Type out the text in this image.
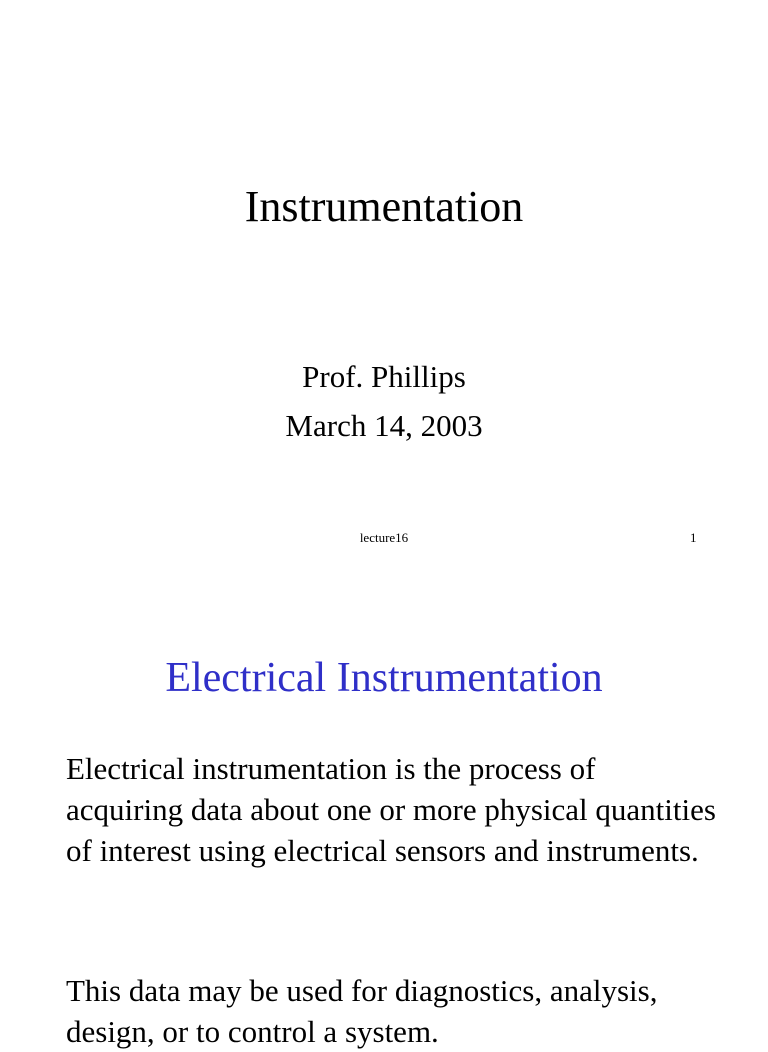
Instrumentation
Prof. Phillips
March 14, 2003
lecture16	1
Electrical Instrumentation
Electrical instrumentation is the process of acquiring data about one or more physical quantities of interest using electrical sensors and instruments.
This data may be used for diagnostics, analysis, design, or to control a system.
